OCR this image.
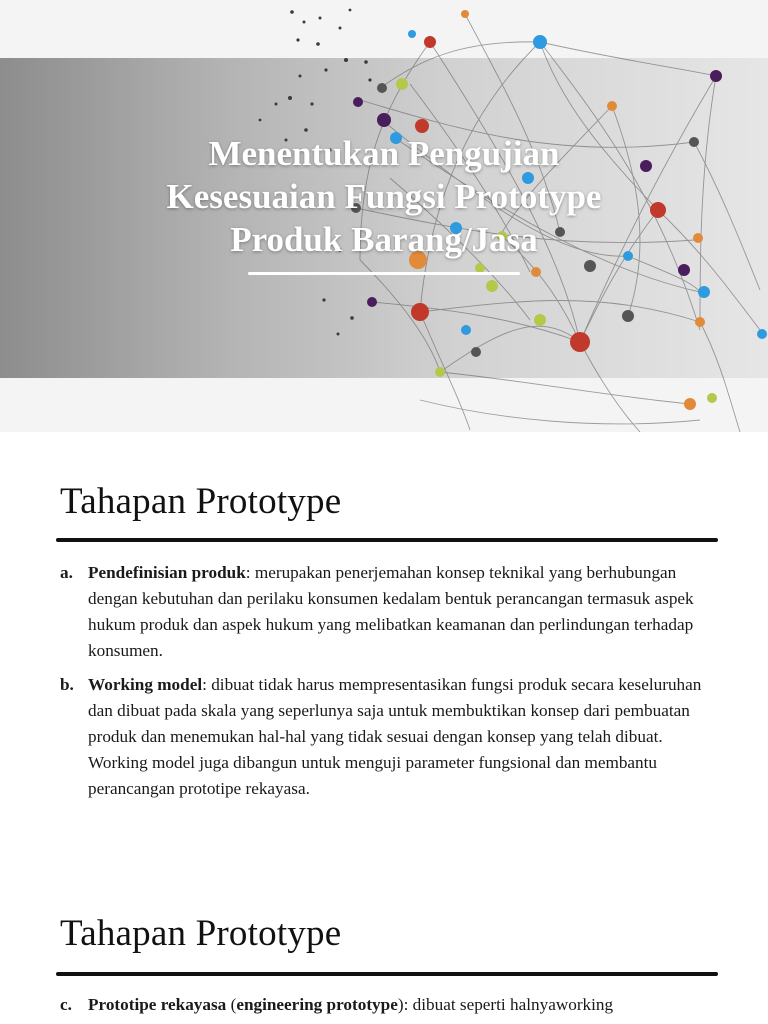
Menentukan Pengujian
Kesesuaian Fungsi Prototype
Produk Barang/Jasa
Tahapan Prototype
a. Pendefinisian produk: merupakan penerjemahan konsep teknikal yang berhubungan dengan kebutuhan dan perilaku konsumen kedalam bentuk perancangan termasuk aspek hukum produk dan aspek hukum yang melibatkan keamanan dan perlindungan terhadap konsumen.
b. Working model: dibuat tidak harus mempresentasikan fungsi produk secara keseluruhan dan dibuat pada skala yang seperlunya saja untuk membuktikan konsep dari pembuatan produk dan menemukan hal-hal yang tidak sesuai dengan konsep yang telah dibuat. Working model juga dibangun untuk menguji parameter fungsional dan membantu perancangan prototipe rekayasa.
Tahapan Prototype
c. Prototipe rekayasa (engineering prototype): dibuat seperti halnyaworking
